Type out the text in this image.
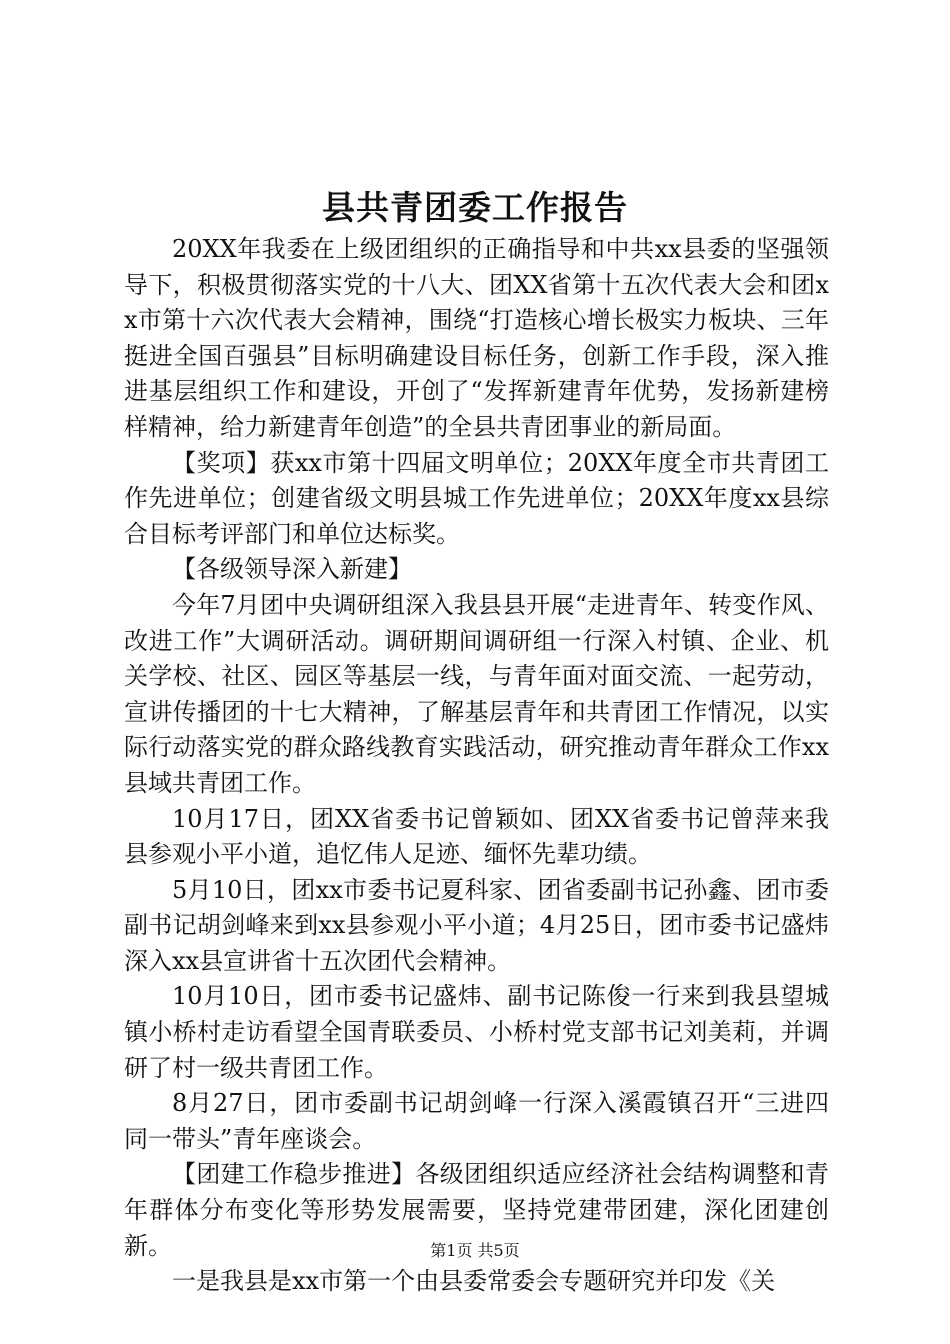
县共青团委工作报告

20XX年我委在上级团组织的正确指导和中共xx县委的坚强领导下，积极贯彻落实党的十八大、团XX省第十五次代表大会和团xx市第十六次代表大会精神，围绕“打造核心增长极实力板块、三年挺进全国百强县”目标明确建设目标任务，创新工作手段，深入推进基层组织工作和建设，开创了“发挥新建青年优势，发扬新建榜样精神，给力新建青年创造”的全县共青团事业的新局面。

【奖项】获xx市第十四届文明单位；20XX年度全市共青团工作先进单位；创建省级文明县城工作先进单位；20XX年度xx县综合目标考评部门和单位达标奖。

【各级领导深入新建】

今年7月团中央调研组深入我县县开展“走进青年、转变作风、改进工作”大调研活动。调研期间调研组一行深入村镇、企业、机关学校、社区、园区等基层一线，与青年面对面交流、一起劳动，宣讲传播团的十七大精神，了解基层青年和共青团工作情况，以实际行动落实党的群众路线教育实践活动，研究推动青年群众工作xx县域共青团工作。

10月17日，团XX省委书记曾颖如、团XX省委书记曾萍来我县参观小平小道，追忆伟人足迹、缅怀先辈功绩。

5月10日，团xx市委书记夏科家、团省委副书记孙鑫、团市委副书记胡剑峰来到xx县参观小平小道；4月25日，团市委书记盛炜深入xx县宣讲省十五次团代会精神。

10月10日，团市委书记盛炜、副书记陈俊一行来到我县望城镇小桥村走访看望全国青联委员、小桥村党支部书记刘美莉，并调研了村一级共青团工作。

8月27日，团市委副书记胡剑峰一行深入溪霞镇召开“三进四同一带头”青年座谈会。

【团建工作稳步推进】各级团组织适应经济社会结构调整和青年群体分布变化等形势发展需要，坚持党建带团建，深化团建创新。

一是我县是xx市第一个由县委常委会专题研究并印发《关

第1页 共5页
